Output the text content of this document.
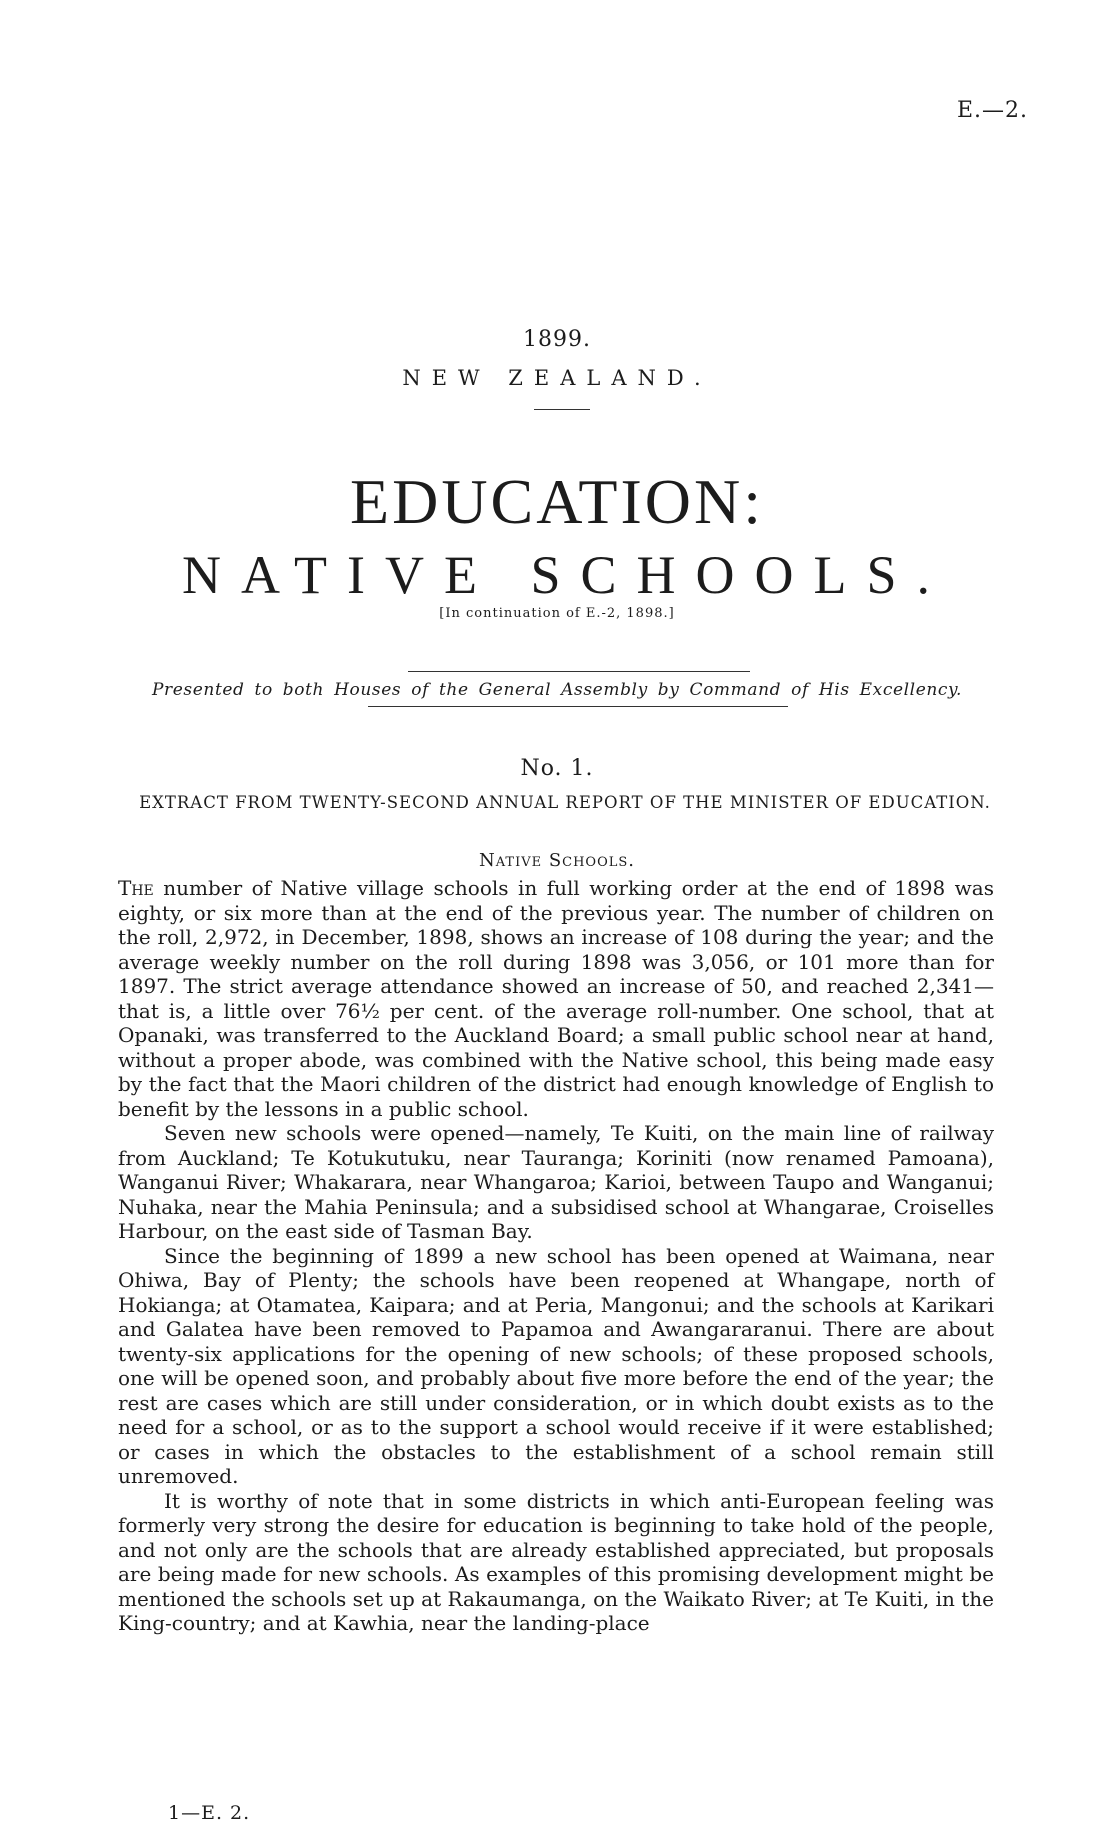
E.—2.
1899.
NEW ZEALAND.
EDUCATION:
NATIVE SCHOOLS.
[In continuation of E.-2, 1898.]
Presented to both Houses of the General Assembly by Command of His Excellency.
No. 1.
EXTRACT FROM TWENTY-SECOND ANNUAL REPORT OF THE MINISTER OF EDUCATION.
Native Schools.

The number of Native village schools in full working order at the end of 1898 was eighty, or six more than at the end of the previous year. The number of children on the roll, 2,972, in December, 1898, shows an increase of 108 during the year; and the average weekly number on the roll during 1898 was 3,056, or 101 more than for 1897. The strict average attendance showed an increase of 50, and reached 2,341—that is, a little over 76½ per cent. of the average roll-number. One school, that at Opanaki, was transferred to the Auckland Board; a small public school near at hand, without a proper abode, was combined with the Native school, this being made easy by the fact that the Maori children of the district had enough knowledge of English to benefit by the lessons in a public school.

Seven new schools were opened—namely, Te Kuiti, on the main line of railway from Auckland; Te Kotukutuku, near Tauranga; Koriniti (now renamed Pamoana), Wanganui River; Whakarara, near Whangaroa; Karioi, between Taupo and Wanganui; Nuhaka, near the Mahia Peninsula; and a subsidised school at Whangarae, Croiselles Harbour, on the east side of Tasman Bay.

Since the beginning of 1899 a new school has been opened at Waimana, near Ohiwa, Bay of Plenty; the schools have been reopened at Whangape, north of Hokianga; at Otamatea, Kaipara; and at Peria, Mangonui; and the schools at Karikari and Galatea have been removed to Papamoa and Awangararanui. There are about twenty-six applications for the opening of new schools; of these proposed schools, one will be opened soon, and probably about five more before the end of the year; the rest are cases which are still under consideration, or in which doubt exists as to the need for a school, or as to the support a school would receive if it were established; or cases in which the obstacles to the establishment of a school remain still unremoved.

It is worthy of note that in some districts in which anti-European feeling was formerly very strong the desire for education is beginning to take hold of the people, and not only are the schools that are already established appreciated, but proposals are being made for new schools. As examples of this promising development might be mentioned the schools set up at Rakaumanga, on the Waikato River; at Te Kuiti, in the King-country; and at Kawhia, near the landing-place

1—E. 2.
